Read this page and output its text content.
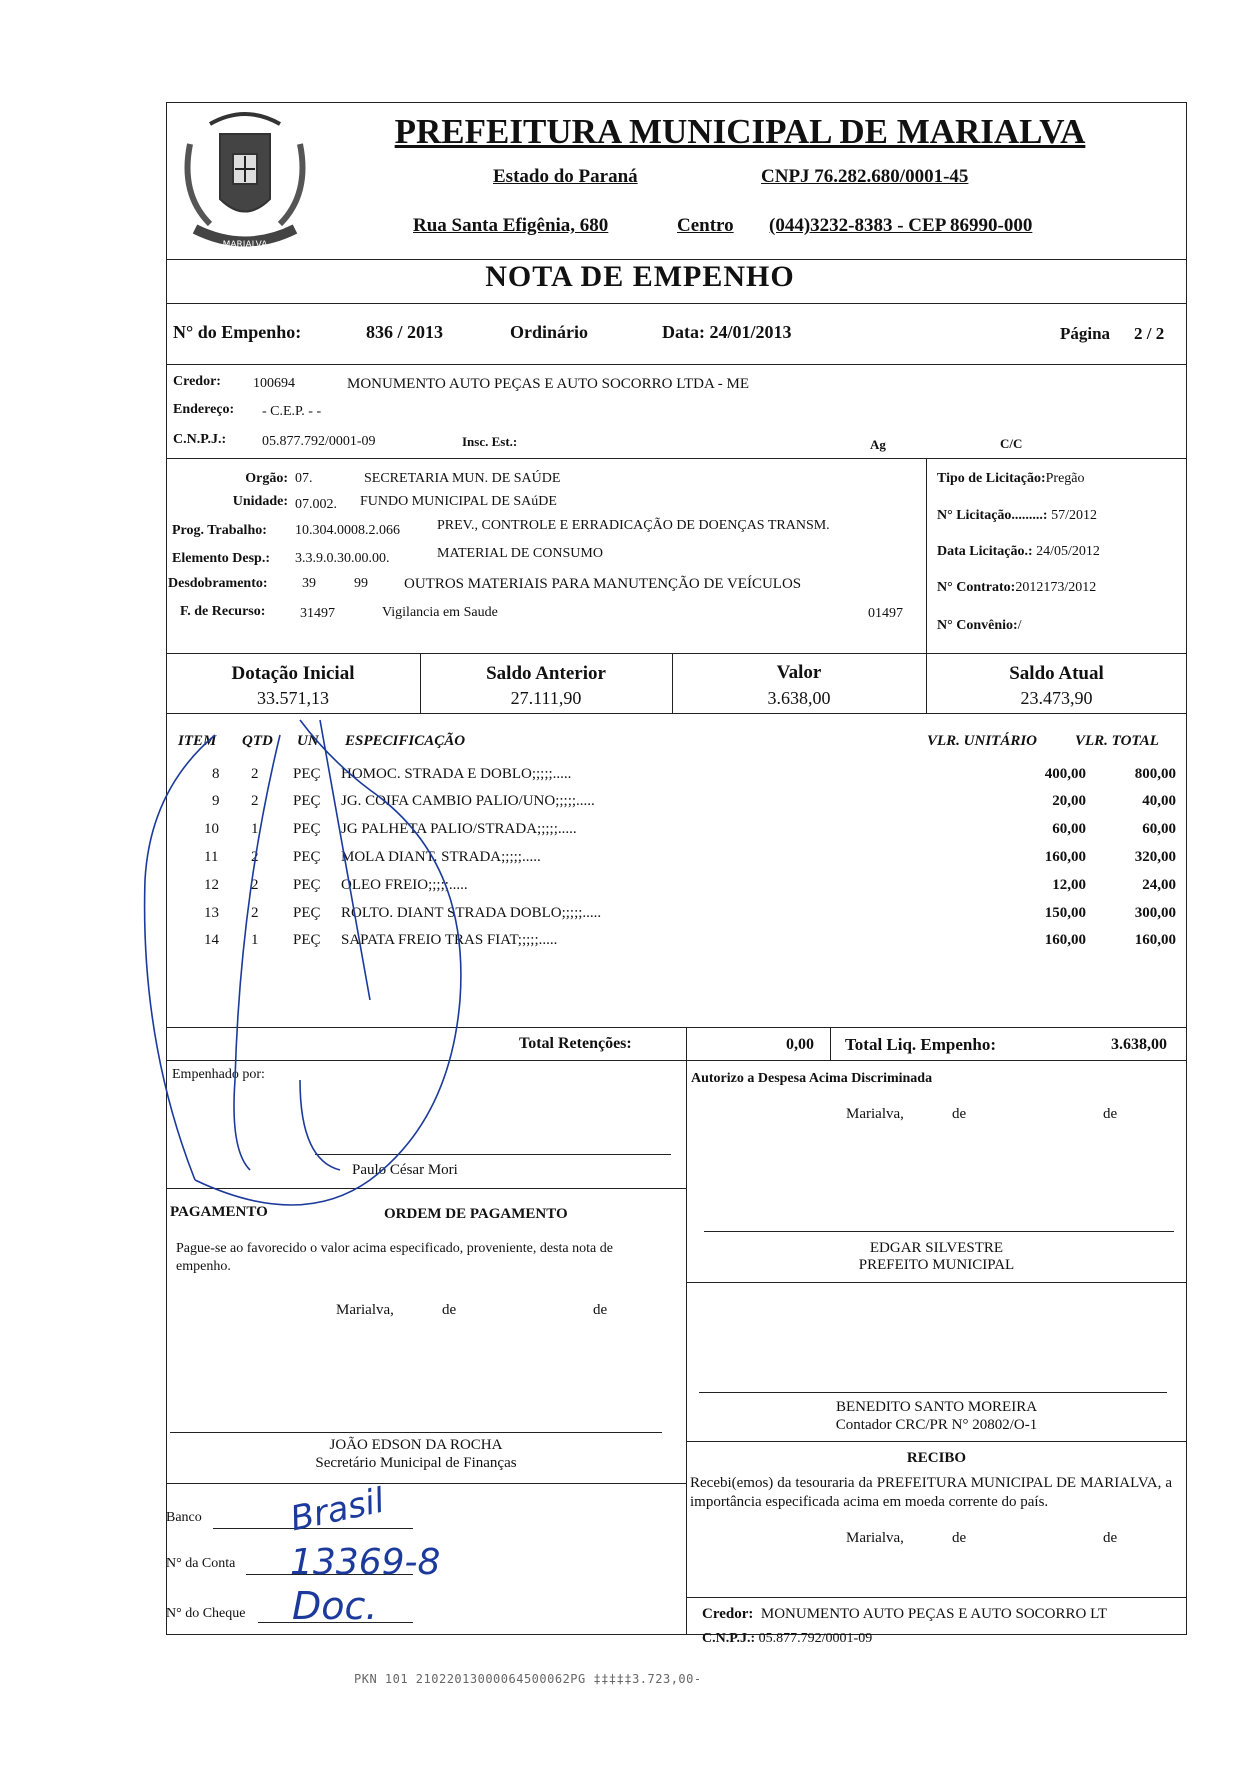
MARIALVA
PREFEITURA MUNICIPAL DE MARIALVA
Estado do Paraná	CNPJ 76.282.680/0001-45
Rua Santa Efigênia, 680	Centro (044)3232-8383 - CEP 86990-000
NOTA DE EMPENHO
N° do Empenho:	836 / 2013	Ordinário	Data: 24/01/2013	Página 2 / 2
Credor: 100694	MONUMENTO AUTO PEÇAS E AUTO SOCORRO LTDA - ME
Endereço: - C.E.P. - -
C.N.P.J.:	05.877.792/0001-09	Insc. Est.:	Ag	C/C
Orgão: 07.	SECRETARIA MUN. DE SAÚDE
Unidade: 07.002. FUNDO MUNICIPAL DE SAúDE
Prog. Trabalho: 10.304.0008.2.066	PREV., CONTROLE E ERRADICAÇÃO DE DOENÇAS TRANSM.
Elemento Desp.: 3.3.9.0.30.00.00.	MATERIAL DE CONSUMO
Desdobramento: 39	99 OUTROS MATERIAIS PARA MANUTENÇÃO DE VEÍCULOS
F. de Recurso: 31497	Vigilancia em Saude	01497
Tipo de Licitação:Pregão
N° Licitação.........: 57/2012
Data Licitação.: 24/05/2012
N° Contrato:2012173/2012
N° Convênio:/
Dotação Inicial
33.571,13
Saldo Anterior
27.111,90
Valor
3.638,00
Saldo Atual
23.473,90
ITEM QTD UN ESPECIFICAÇÃO	VLR. UNITÁRIO	VLR. TOTAL
8 2 PEÇ HOMOC. STRADA E DOBLO;;;;;.....	400,00	800,00
9 2 PEÇ JG. COIFA CAMBIO PALIO/UNO;;;;;.....	20,00	40,00
10 1 PEÇ JG PALHETA PALIO/STRADA;;;;;.....	60,00	60,00
11 2 PEÇ MOLA DIANT. STRADA;;;;;.....	160,00	320,00
12 2 PEÇ OLEO FREIO;;;;;.....	12,00	24,00
13 2 PEÇ ROLTO. DIANT STRADA DOBLO;;;;;.....	150,00	300,00
14 1 PEÇ SAPATA FREIO TRAS FIAT;;;;;.....	160,00	160,00
Total Retenções:	0,00 Total Liq. Empenho:	3.638,00
Empenhado por:
Paulo César Mori
Autorizo a Despesa Acima Discriminada
Marialva,	de	de
EDGAR SILVESTRE
PREFEITO MUNICIPAL
PAGAMENTO	ORDEM DE PAGAMENTO
Pague-se ao favorecido o valor acima especificado, proveniente, desta nota de empenho.
Marialva,	de	de
JOÃO EDSON DA ROCHA
Secretário Municipal de Finanças
BENEDITO SANTO MOREIRA
Contador CRC/PR N° 20802/O-1
RECIBO
Recebi(emos) da tesouraria da PREFEITURA MUNICIPAL DE MARIALVA, a importância especificada acima em moeda corrente do país.
Marialva,	de	de
Credor: MONUMENTO AUTO PEÇAS E AUTO SOCORRO LT
C.N.P.J.: 05.877.792/0001-09
Banco	Brasil
N° da Conta 13369-8
N° do Cheque Doc.
PKN 101 21022013000064500062PG ‡‡‡‡‡3.723,00-
